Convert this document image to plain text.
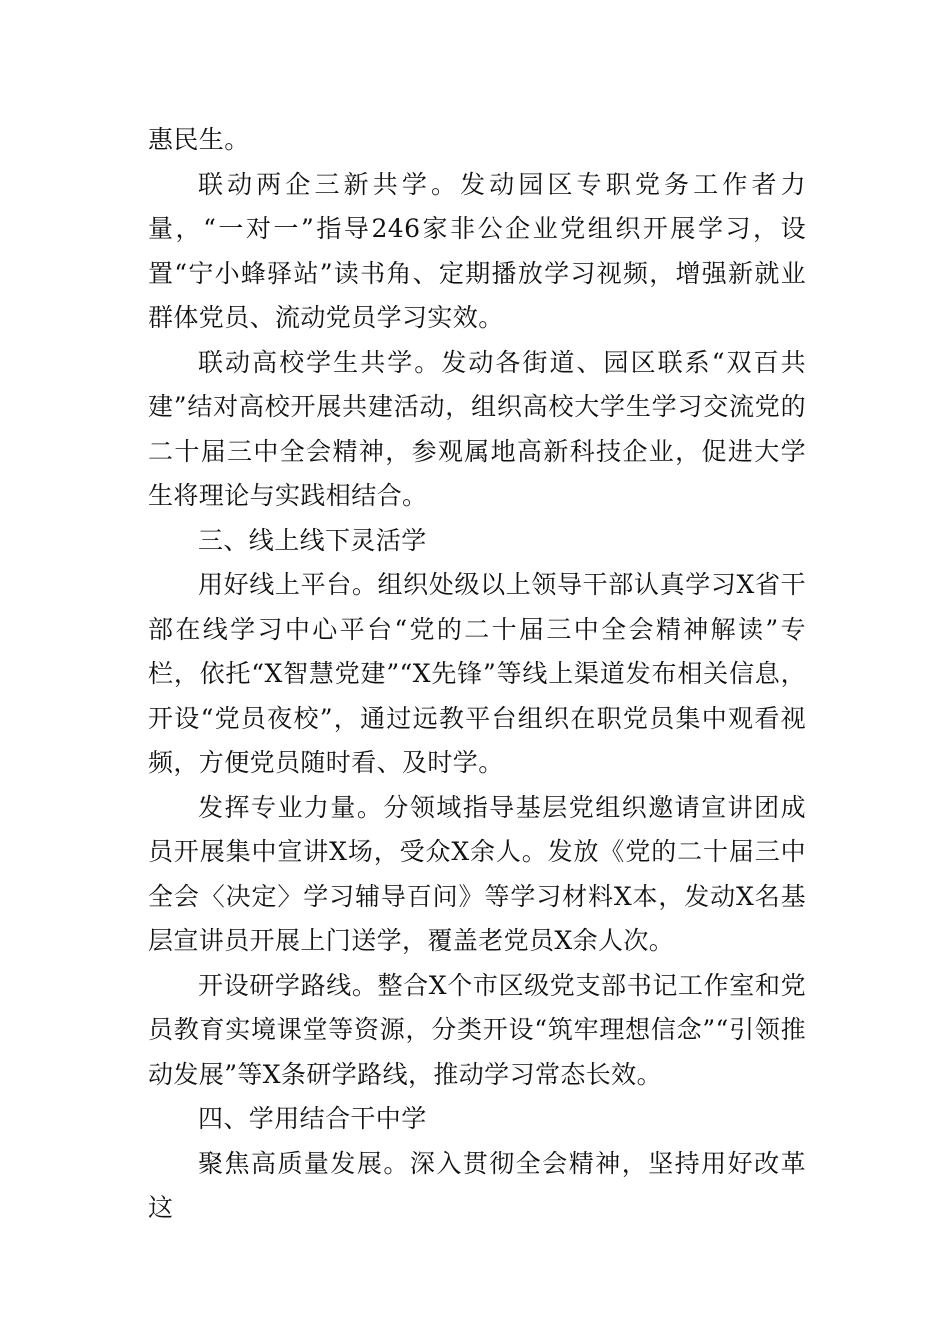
惠民生。

联动两企三新共学。发动园区专职党务工作者力量，“一对一”指导246家非公企业党组织开展学习，设置“宁小蜂驿站”读书角、定期播放学习视频，增强新就业群体党员、流动党员学习实效。

联动高校学生共学。发动各街道、园区联系“双百共建”结对高校开展共建活动，组织高校大学生学习交流党的二十届三中全会精神，参观属地高新科技企业，促进大学生将理论与实践相结合。

三、线上线下灵活学

用好线上平台。组织处级以上领导干部认真学习X省干部在线学习中心平台“党的二十届三中全会精神解读”专栏，依托“X智慧党建”“X先锋”等线上渠道发布相关信息，开设“党员夜校”，通过远教平台组织在职党员集中观看视频，方便党员随时看、及时学。

发挥专业力量。分领域指导基层党组织邀请宣讲团成员开展集中宣讲X场，受众X余人。发放《党的二十届三中全会〈决定〉学习辅导百问》等学习材料X本，发动X名基层宣讲员开展上门送学，覆盖老党员X余人次。

开设研学路线。整合X个市区级党支部书记工作室和党员教育实境课堂等资源，分类开设“筑牢理想信念”“引领推动发展”等X条研学路线，推动学习常态长效。

四、学用结合干中学

聚焦高质量发展。深入贯彻全会精神，坚持用好改革这
